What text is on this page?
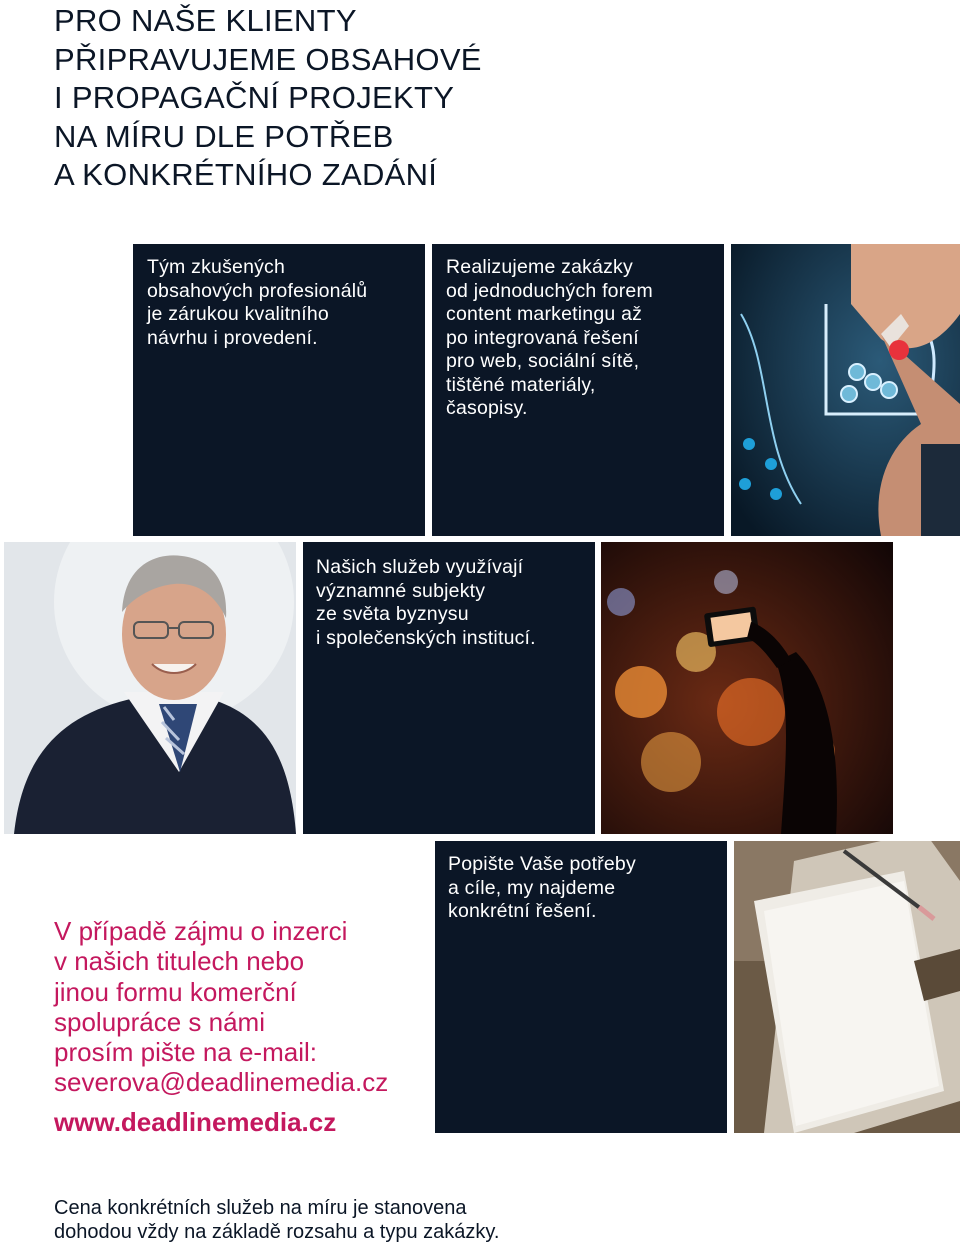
PRO NAŠE KLIENTY
PŘIPRAVUJEME OBSAHOVÉ
I PROPAGAČNÍ PROJEKTY
NA MÍRU DLE POTŘEB
A KONKRÉTNÍHO ZADÁNÍ
Tým zkušených
obsahových profesionálů
je zárukou kvalitního
návrhu i provedení.
Realizujeme zakázky
od jednoduchých forem
content marketingu až
po integrovaná řešení
pro web, sociální sítě,
tištěné materiály,
časopisy.
Našich služeb využívají
významné subjekty
ze světa byznysu
i společenských institucí.
V případě zájmu o inzerci
v našich titulech nebo
jinou formu komerční
spolupráce s námi
prosím pište na e-mail:
severova@deadlinemedia.cz
www.deadlinemedia.cz
Popište Vaše potřeby
a cíle, my najdeme
konkrétní řešení.
Cena konkrétních služeb na míru je stanovena
dohodou vždy na základě rozsahu a typu zakázky.
